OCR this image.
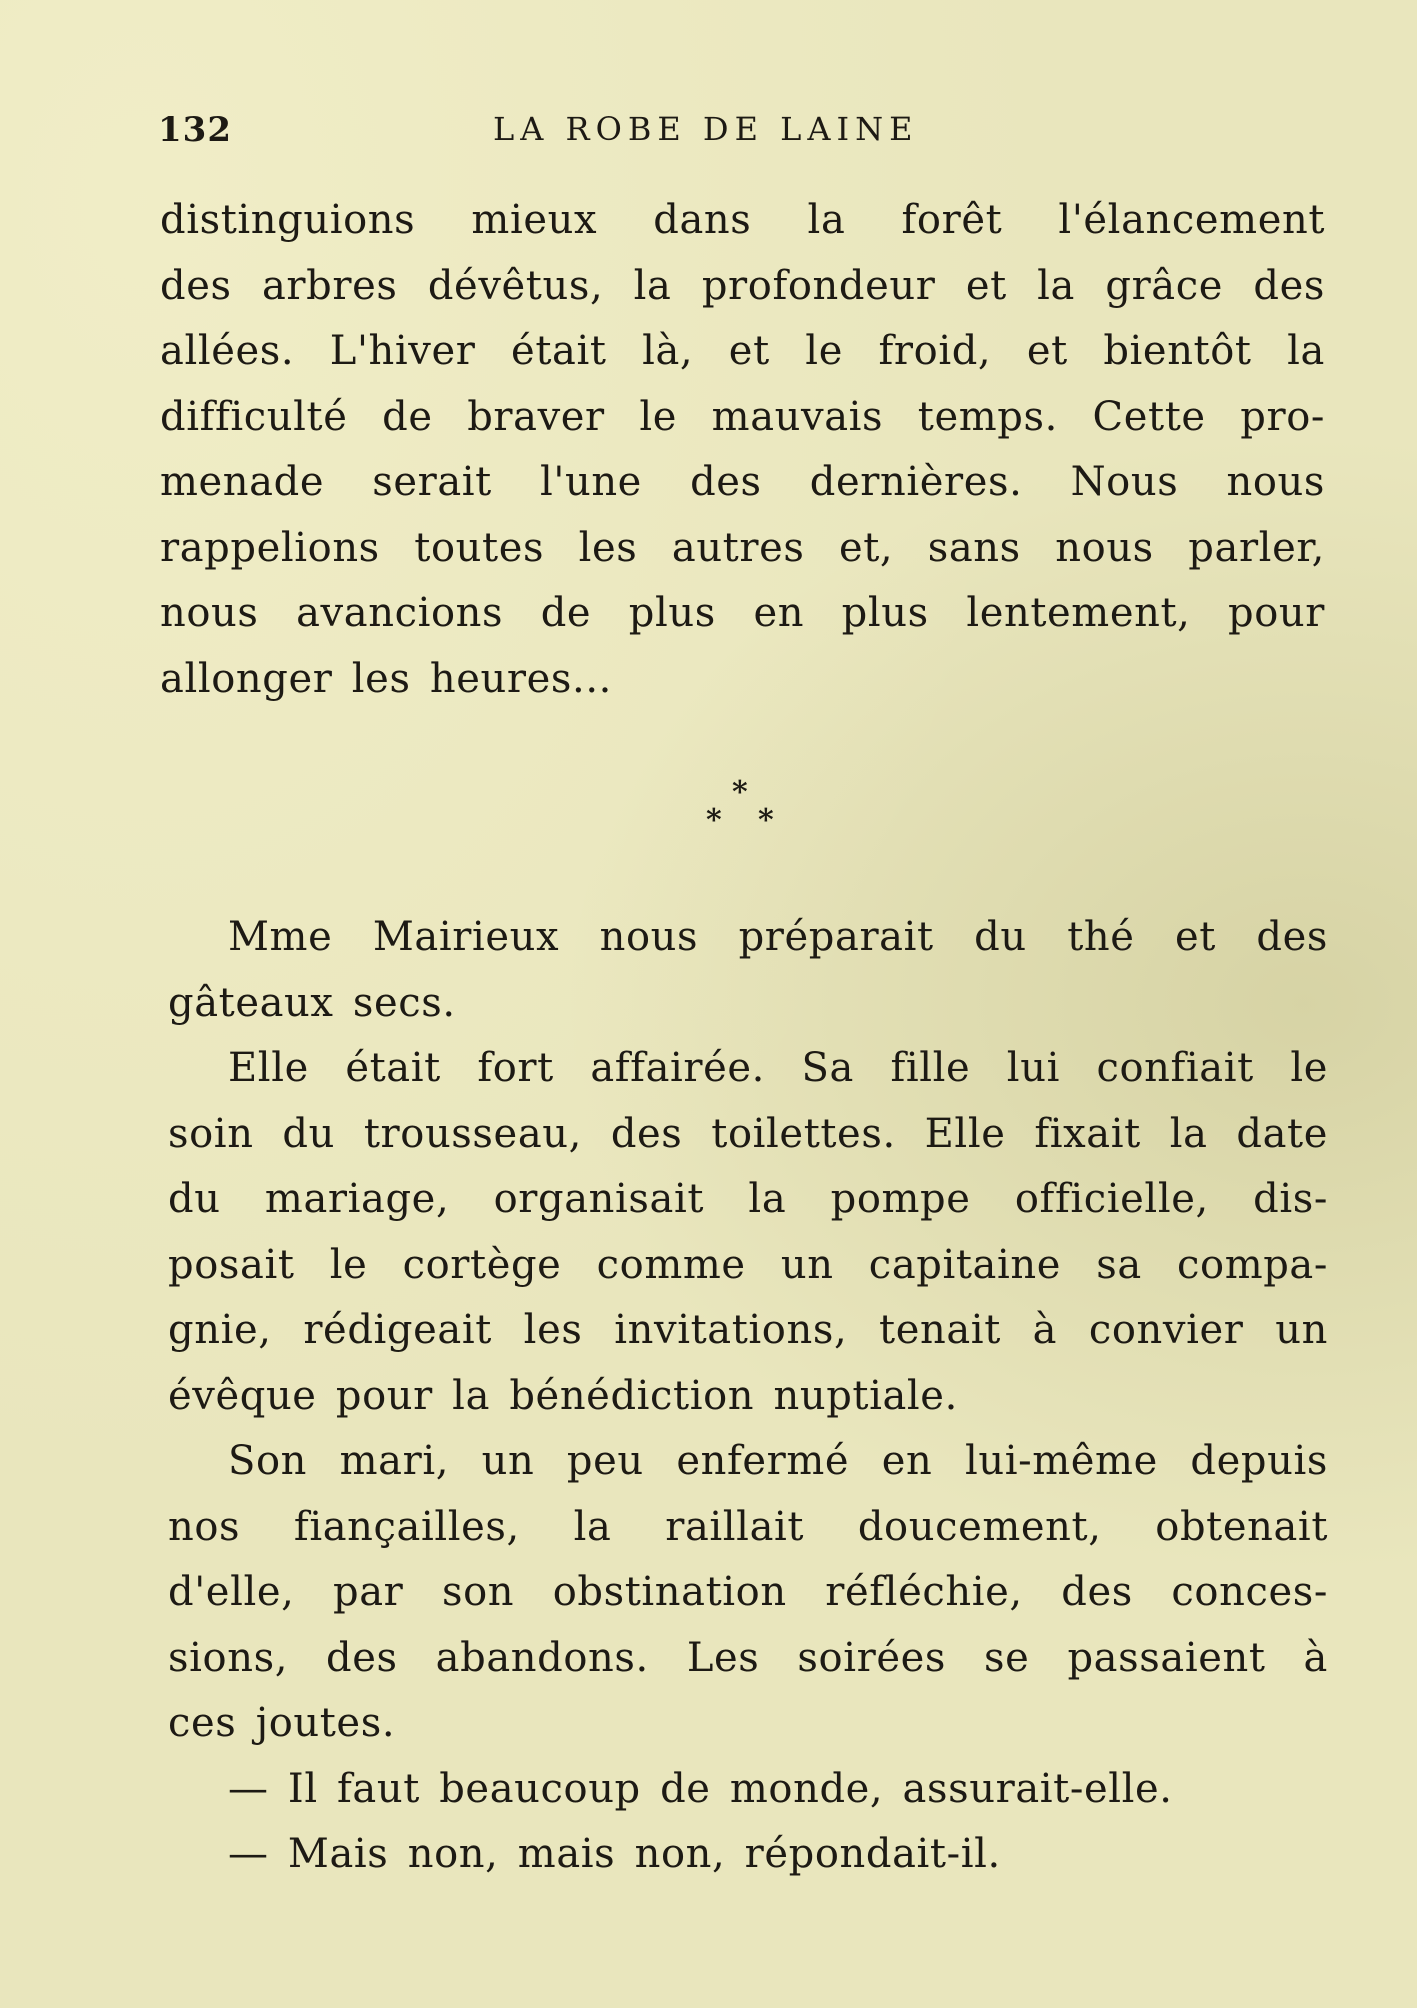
132	LA ROBE DE LAINE
distinguions mieux dans la forêt l'élancement
des arbres dévêtus, la profondeur et la grâce des
allées. L'hiver était là, et le froid, et bientôt la
difficulté de braver le mauvais temps. Cette pro-
menade serait l'une des dernières. Nous nous
rappelions toutes les autres et, sans nous parler,
nous avancions de plus en plus lentement, pour
allonger les heures...
*
* *
Mme Mairieux nous préparait du thé et des
gâteaux secs.
Elle était fort affairée. Sa fille lui confiait le
soin du trousseau, des toilettes. Elle fixait la date
du mariage, organisait la pompe officielle, dis-
posait le cortège comme un capitaine sa compa-
gnie, rédigeait les invitations, tenait à convier un
évêque pour la bénédiction nuptiale.
Son mari, un peu enfermé en lui-même depuis
nos fiançailles, la raillait doucement, obtenait
d'elle, par son obstination réfléchie, des conces-
sions, des abandons. Les soirées se passaient à
ces joutes.
— Il faut beaucoup de monde, assurait-elle.
— Mais non, mais non, répondait-il.
